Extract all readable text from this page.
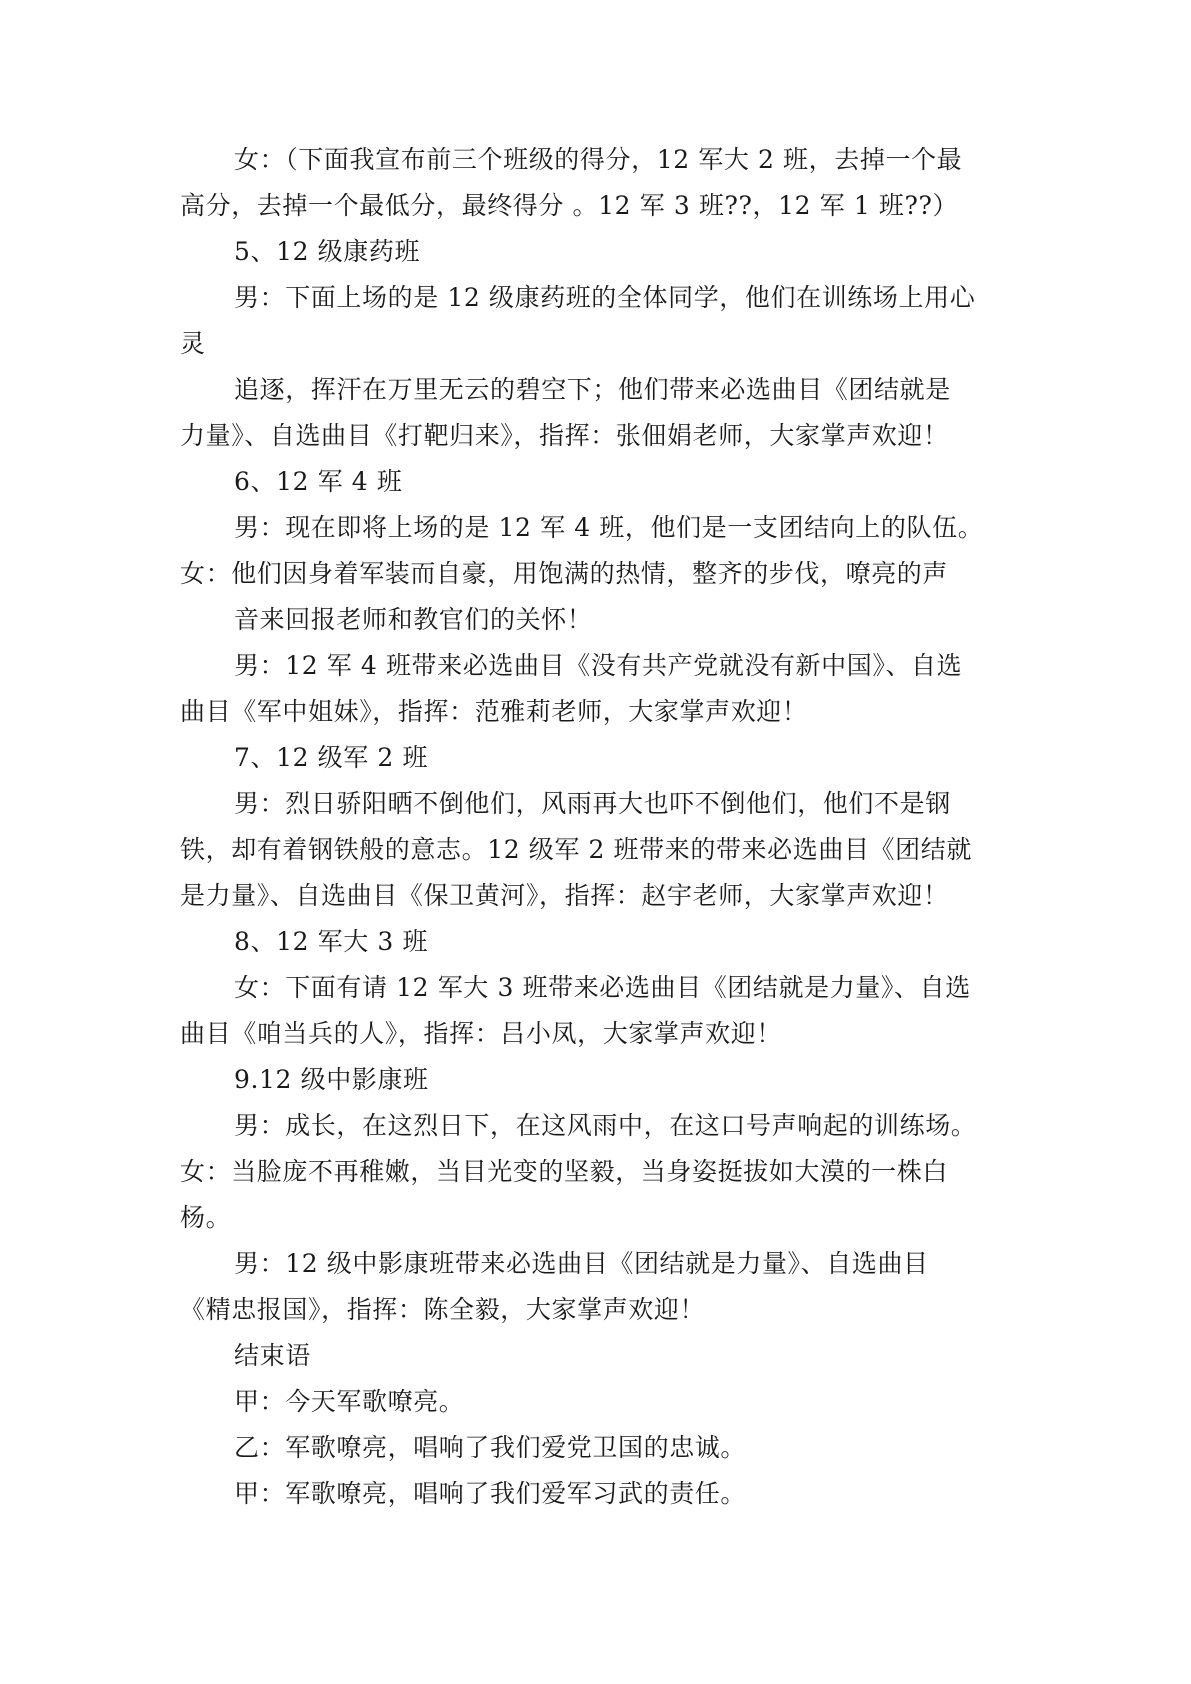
女：（下面我宣布前三个班级的得分，12 军大 2 班，去掉一个最
高分，去掉一个最低分，最终得分 。12 军 3 班??，12 军 1 班??）
5、12 级康药班
男：下面上场的是 12 级康药班的全体同学，他们在训练场上用心
灵
追逐，挥汗在万里无云的碧空下；他们带来必选曲目《团结就是
力量》、自选曲目《打靶归来》，指挥：张佃娟老师，大家掌声欢迎！
6、12 军 4 班
男：现在即将上场的是 12 军 4 班，他们是一支团结向上的队伍。
女：他们因身着军装而自豪，用饱满的热情，整齐的步伐，嘹亮的声
音来回报老师和教官们的关怀！
男：12 军 4 班带来必选曲目《没有共产党就没有新中国》、自选
曲目《军中姐妹》，指挥：范雅莉老师，大家掌声欢迎！
7、12 级军 2 班
男：烈日骄阳晒不倒他们，风雨再大也吓不倒他们，他们不是钢
铁，却有着钢铁般的意志。12 级军 2 班带来的带来必选曲目《团结就
是力量》、自选曲目《保卫黄河》，指挥：赵宇老师，大家掌声欢迎！
8、12 军大 3 班
女：下面有请 12 军大 3 班带来必选曲目《团结就是力量》、自选
曲目《咱当兵的人》，指挥：吕小凤，大家掌声欢迎！
9.12 级中影康班
男：成长，在这烈日下，在这风雨中，在这口号声响起的训练场。
女：当脸庞不再稚嫩，当目光变的坚毅，当身姿挺拔如大漠的一株白
杨。
男：12 级中影康班带来必选曲目《团结就是力量》、自选曲目
《精忠报国》，指挥：陈全毅，大家掌声欢迎！
结束语
甲：今天军歌嘹亮。
乙：军歌嘹亮，唱响了我们爱党卫国的忠诚。
甲：军歌嘹亮，唱响了我们爱军习武的责任。
